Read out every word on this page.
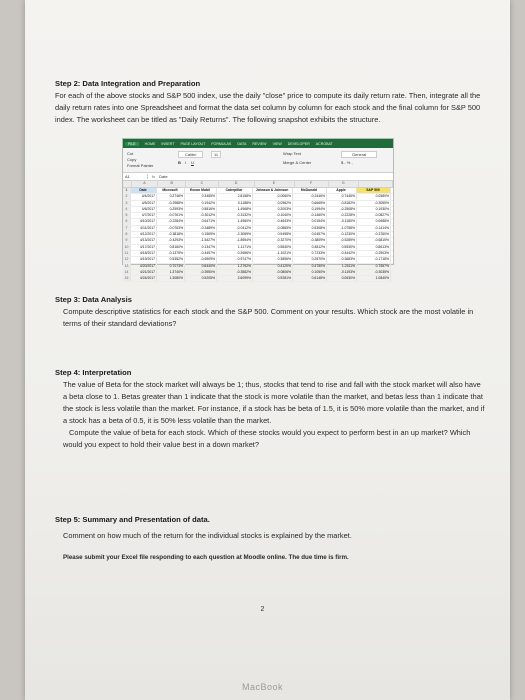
Step 2: Data Integration and Preparation
For each of the above stocks and S&P 500 index, use the daily "close" price to compute its daily return rate. Then, integrate all the daily return rates into one Spreadsheet and format the data set column by column for each stock and the final column for S&P 500 index. The worksheet can be titled as "Daily Returns". The following snapshot exhibits the structure.
FILE	HOME INSERT PAGE LAYOUT FORMULAS DATA REVIEW VIEW DEVELOPER ACROBAT
Cut
Copy
Format Painter
Calibri	11
B I U
Wrap Text
Merge & Center
General
$ - % ,
A1	fx	Date
A	B	C	D	E	F	G
1	Date	Microsoft	Exxon Mobil	Caterpillar	Johnson & Johnson	McDonald	Apple	S&P 500
2	4/4/2017	0.2746%	0.3455%	2.8158%	-0.0060%	-0.2446%	0.7446%	0.0580%
3	4/5/2017	-0.2988%	0.1942%	0.1188%	0.0962%	0.6665%	-0.8182%	-0.3055%
4	4/6/2017	0.2593%	0.5816%	1.4968%	0.2003%	0.1994%	-0.2508%	0.1930%
5	4/7/2017	-0.0761%	-0.3012%	-0.3132%	-0.1040%	-0.1460%	-0.2228%	-0.0827%
6	4/10/2017	-0.2284%	0.6471%	1.4960%	-0.4643%	0.0154%	-0.1180%	0.0688%
7	4/11/2017	-0.0763%	-0.3489%	-0.0412%	-0.0865%	0.5308%	-1.0758%	-0.1414%
8	4/12/2017	-0.3818%	0.1569%	-2.3069%	0.9498%	0.0457%	-0.1230%	-0.3760%
9	4/13/2017	-0.4293%	-1.5427%	-1.8954%	-0.3270%	-0.3809%	-0.5289%	-0.6815%
10	4/17/2017	0.8160%	0.1347%	1.1171%	0.5840%	0.4812%	0.5530%	0.8613%
11	4/18/2017	-0.1375%	-0.4497%	0.2656%	-1.1021%	0.7233%	-0.4442%	-0.2903%
12	4/19/2017	0.5352%	-0.6909%	-0.9747%	0.3896%	0.2570%	-0.3683%	-0.1718%
13	4/20/2017	0.7073%	0.6440%	1.2792%	0.4120%	0.4750%	1.2511%	0.7557%
14	4/21/2017	1.3740%	-0.3950%	-0.3582%	-0.0806%	0.1050%	-0.1193%	-0.3035%
15	4/24/2017	1.3080%	0.5205%	2.6099%	0.9281%	0.6148%	0.0630%	1.0840%
Step 3: Data Analysis
Compute descriptive statistics for each stock and the S&P 500. Comment on your results. Which stock are the most volatile in terms of their standard deviations?
Step 4: Interpretation
The value of Beta for the stock market will always be 1; thus, stocks that tend to rise and fall with the stock market will also have a beta close to 1. Betas greater than 1 indicate that the stock is more volatile than the market, and betas less than 1 indicate that the stock is less volatile than the market. For instance, if a stock has be beta of 1.5, it is 50% more volatile than the market, and if a stock has a beta of 0.5, it is 50% less volatile than the market.
Compute the value of beta for each stock. Which of these stocks would you expect to perform best in an up market? Which would you expect to hold their value best in a down market?
Step 5: Summary and Presentation of data.
Comment on how much of the return for the individual stocks is explained by the market.
Please submit your Excel file responding to each question at Moodle online. The due time is firm.
2
MacBook
